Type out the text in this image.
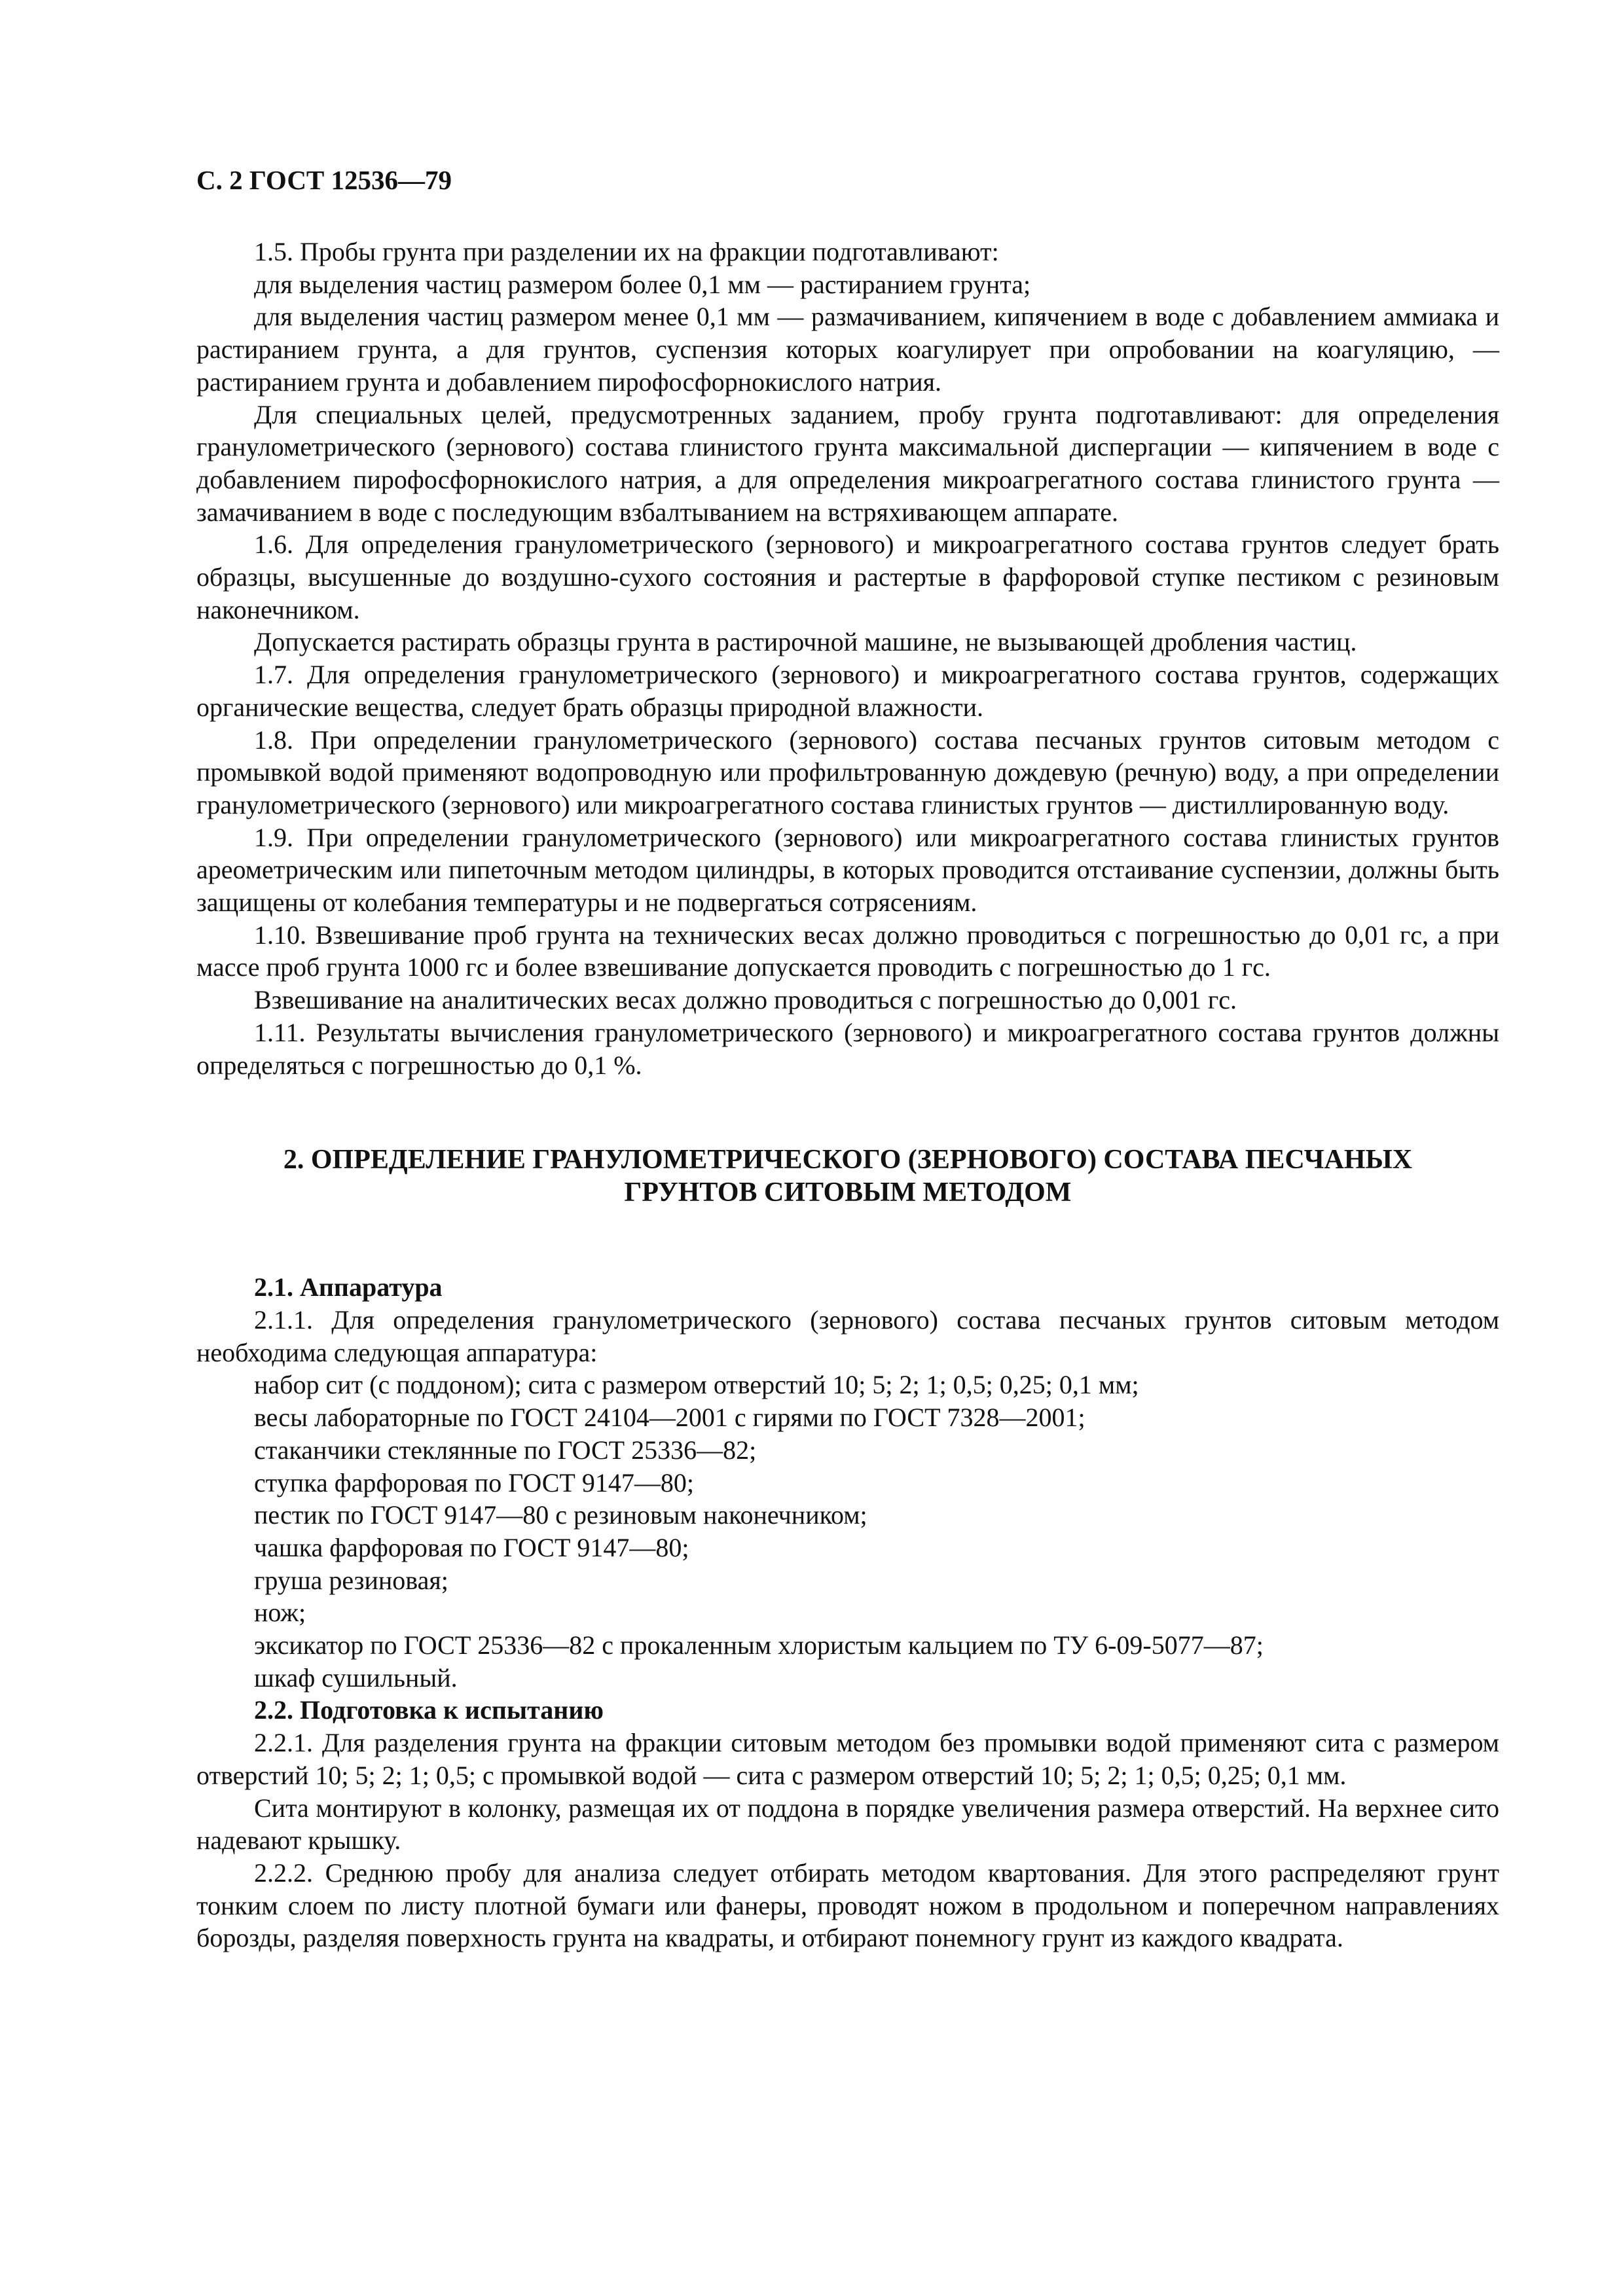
С. 2 ГОСТ 12536—79

1.5. Пробы грунта при разделении их на фракции подготавливают:

для выделения частиц размером более 0,1 мм — растиранием грунта;

для выделения частиц размером менее 0,1 мм — размачиванием, кипячением в воде с добавлением аммиака и растиранием грунта, а для грунтов, суспензия которых коагулирует при опробовании на коагуляцию, — растиранием грунта и добавлением пирофосфорнокислого натрия.

Для специальных целей, предусмотренных заданием, пробу грунта подготавливают: для определения гранулометрического (зернового) состава глинистого грунта максимальной диспергации — кипячением в воде с добавлением пирофосфорнокислого натрия, а для определения микроагрегатного состава глинистого грунта — замачиванием в воде с последующим взбалтыванием на встряхивающем аппарате.

1.6. Для определения гранулометрического (зернового) и микроагрегатного состава грунтов следует брать образцы, высушенные до воздушно-сухого состояния и растертые в фарфоровой ступке пестиком с резиновым наконечником.

Допускается растирать образцы грунта в растирочной машине, не вызывающей дробления частиц.

1.7. Для определения гранулометрического (зернового) и микроагрегатного состава грунтов, содержащих органические вещества, следует брать образцы природной влажности.

1.8. При определении гранулометрического (зернового) состава песчаных грунтов ситовым методом с промывкой водой применяют водопроводную или профильтрованную дождевую (речную) воду, а при определении гранулометрического (зернового) или микроагрегатного состава глинистых грунтов — дистиллированную воду.

1.9. При определении гранулометрического (зернового) или микроагрегатного состава глинистых грунтов ареометрическим или пипеточным методом цилиндры, в которых проводится отстаивание суспензии, должны быть защищены от колебания температуры и не подвергаться сотрясениям.

1.10. Взвешивание проб грунта на технических весах должно проводиться с погрешностью до 0,01 гс, а при массе проб грунта 1000 гс и более взвешивание допускается проводить с погрешностью до 1 гс.

Взвешивание на аналитических весах должно проводиться с погрешностью до 0,001 гс.

1.11. Результаты вычисления гранулометрического (зернового) и микроагрегатного состава грунтов должны определяться с погрешностью до 0,1 %.

2. ОПРЕДЕЛЕНИЕ ГРАНУЛОМЕТРИЧЕСКОГО (ЗЕРНОВОГО) СОСТАВА ПЕСЧАНЫХ
ГРУНТОВ СИТОВЫМ МЕТОДОМ

2.1. Аппаратура

2.1.1. Для определения гранулометрического (зернового) состава песчаных грунтов ситовым методом необходима следующая аппаратура:

набор сит (с поддоном); сита с размером отверстий 10; 5; 2; 1; 0,5; 0,25; 0,1 мм;

весы лабораторные по ГОСТ 24104—2001 с гирями по ГОСТ 7328—2001;

стаканчики стеклянные по ГОСТ 25336—82;

ступка фарфоровая по ГОСТ 9147—80;

пестик по ГОСТ 9147—80 с резиновым наконечником;

чашка фарфоровая по ГОСТ 9147—80;

груша резиновая;

нож;

эксикатор по ГОСТ 25336—82 с прокаленным хлористым кальцием по ТУ 6-09-5077—87;

шкаф сушильный.

2.2. Подготовка к испытанию

2.2.1. Для разделения грунта на фракции ситовым методом без промывки водой применяют сита с размером отверстий 10; 5; 2; 1; 0,5; с промывкой водой — сита с размером отверстий 10; 5; 2; 1; 0,5; 0,25; 0,1 мм.

Сита монтируют в колонку, размещая их от поддона в порядке увеличения размера отверстий. На верхнее сито надевают крышку.

2.2.2. Среднюю пробу для анализа следует отбирать методом квартования. Для этого распределяют грунт тонким слоем по листу плотной бумаги или фанеры, проводят ножом в продольном и поперечном направлениях борозды, разделяя поверхность грунта на квадраты, и отбирают понемногу грунт из каждого квадрата.
